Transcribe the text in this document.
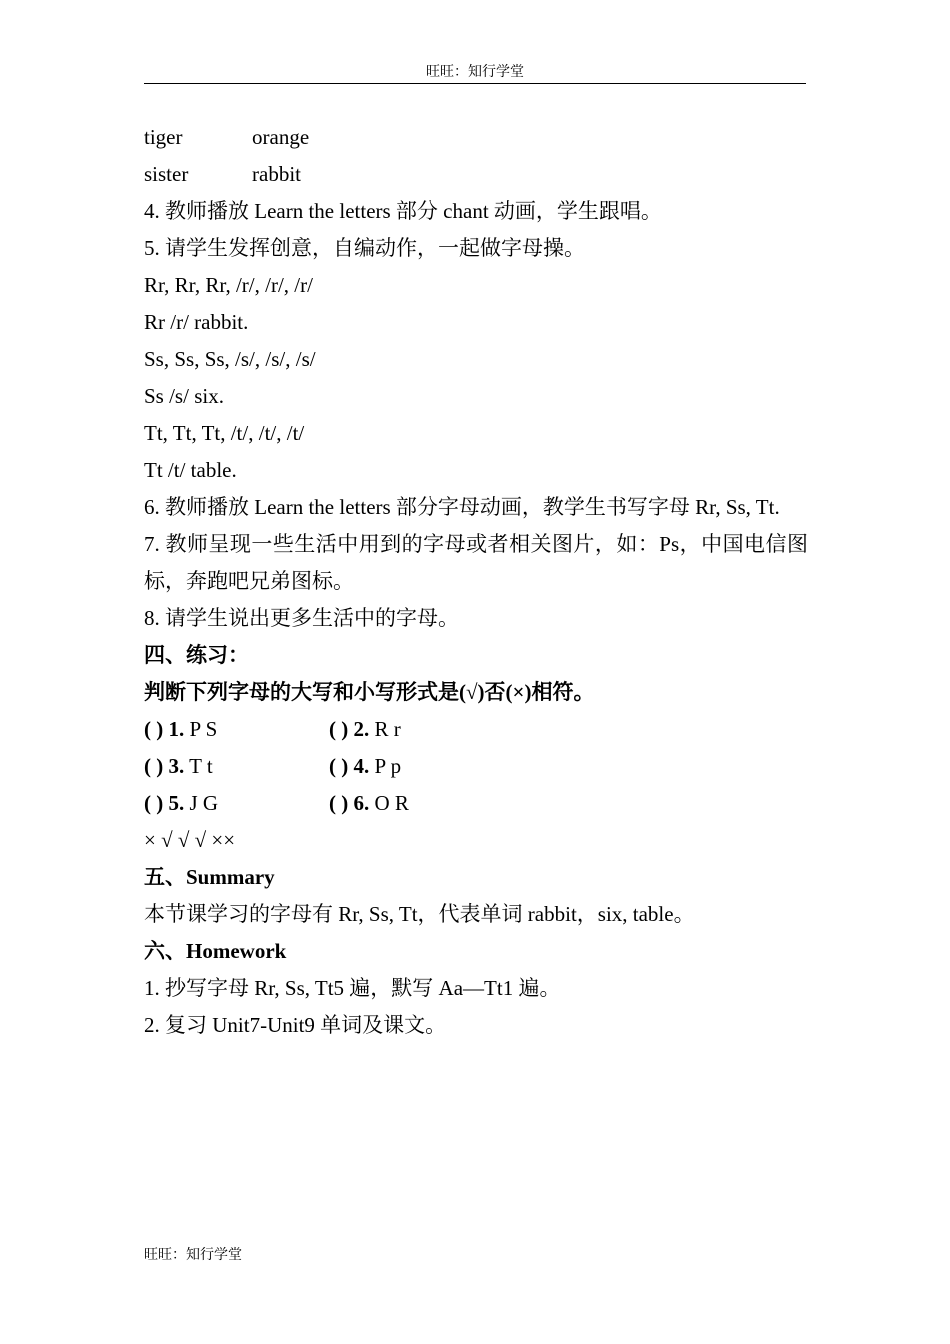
旺旺：知行学堂
tiger	orange
sister	rabbit
4. 教师播放 Learn the letters 部分 chant 动画，学生跟唱。
5. 请学生发挥创意，自编动作，一起做字母操。
Rr, Rr, Rr, /r/, /r/, /r/
Rr /r/ rabbit.
Ss, Ss, Ss, /s/, /s/, /s/
Ss /s/ six.
Tt, Tt, Tt, /t/, /t/, /t/
Tt /t/ table.
6. 教师播放 Learn the letters 部分字母动画，教学生书写字母 Rr, Ss, Tt.
7. 教师呈现一些生活中用到的字母或者相关图片，如：Ps，中国电信图标，奔跑吧兄弟图标。
8. 请学生说出更多生活中的字母。
四、练习：
判断下列字母的大写和小写形式是(√)否(×)相符。
( ) 1. P S	( ) 2. R r
( ) 3. T t	( ) 4. P p
( ) 5. J G	( ) 6. O R
× √ √ √ ××
五、Summary
本节课学习的字母有 Rr, Ss, Tt，代表单词 rabbit，six, table。
六、Homework
1. 抄写字母 Rr, Ss, Tt5 遍，默写 Aa—Tt1 遍。
2. 复习 Unit7-Unit9 单词及课文。
旺旺：知行学堂
